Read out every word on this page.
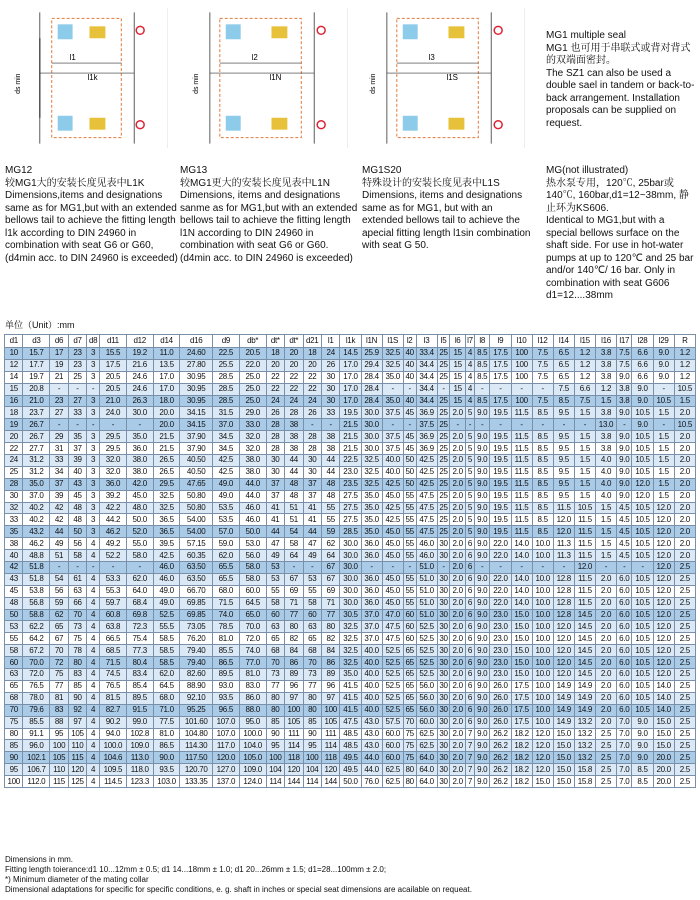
l1
l1k
ds min
l2
l1N
ds min
l3
l1S
ds min
MG1 multiple seal
MG1 也可用于串联式或背对背式的双端面密封。
The SZ1 can also be used a double sael in tandem or back-to-back arrangement. Installation proposals can be supplied on request.
MG12
较MG1大的安装长度见表中L1K
Dimensions,items and designations same as for MG1,but with an extended bellows tail to achieve the fitting length l1k according to DIN 24960 in combination with seat G6 or G60, (d4min acc. to DIN 24960 is exceeded)
MG13
较MG1更大的安装长度见表中L1N
Dimensions, items and designations sanme as for MG1,but with an extended bellows tail to achieve the fitting length l1N according to DIN 24960 in combination with seat G6 or G60. (d4min acc. to DIN 24960 is exceeded)
MG1S20
特殊设计的安装长度见表中L1S
Dimensions, items and designations same as for MG1, but with an extended bellows tail to achieve the apecial fitting length l1sin combination with seat G 50.
MG(not illustrated)
热水泵专用，120℃, 25bar或140℃, 160bar,d1=12~38mm, 静止环为KS606.
Identical to MG1,but with a special bellows surface on the shaft side. For use in hot-water pumps at up to 120℃ and 25 bar and/or 140℃/ 16 bar. Only in combination with seat G606 d1=12....38mm
单位（Unit）:mm
d1	d3	d6	d7	d8	d11	d12	d14	d16	d9	db*	dt*	dt*	d21	l1	l1k	l1N	l1S	l2	l3	l5	l6	l7	l8	l9	l10	l12	l14	l15	l16	l17	l28	l29	R
10	15.7	17	23	3	15.5	19.2	11.0	24.60	22.5	20.5	18	20	18	24	14.5	25.9	32.5	40	33.4	25	15	4	8.5	17.5	100	7.5	6.5	1.2	3.8	7.5	6.6	9.0	1.2
12	17.7	19	23	3	17.5	21.6	13.5	27.80	25.5	22.0	20	20	20	26	17.0	29.4	32.5	40	34.4	25	15	4	8.5	17.5	100	7.5	6.5	1.2	3.8	7.5	6.6	9.0	1.2
14	19.7	21	25	3	20.5	24.6	17.0	30.95	28.5	25.0	22	22	22	30	17.0	28.4	35.0	40	34.4	25	15	4	8.5	17.5	100	7.5	6.5	1.2	3.8	9.0	6.6	9.0	1.2
15	20.8	-	-	-	20.5	24.6	17.0	30.95	28.5	25.0	22	22	22	30	17.0	28.4	-	-	34.4	-	15	4	-	-	-	-	7.5	6.6	1.2	3.8	9.0	-	10.5
16	21.0	23	27	3	21.0	26.3	18.0	30.95	28.5	25.0	24	24	24	30	17.0	28.4	35.0	40	34.4	25	15	4	8.5	17.5	100	7.5	8.5	7.5	1.5	3.8	9.0	10.5	1.5
18	23.7	27	33	3	24.0	30.0	20.0	34.15	31.5	29.0	26	28	26	33	19.5	30.0	37.5	45	36.9	25	2.0	5	9.0	19.5	11.5	8.5	9.5	1.5	3.8	9.0	10.5	1.5	2.0
19	26.7	-	-	-	-	-	20.0	34.15	37.0	33.0	28	38	-	-	21.5	30.0	-	-	37.5	25	-	-	-	-	-	-	-	-	13.0	-	9.0	-	10.5
20	26.7	29	35	3	29.5	35.0	21.5	37.90	34.5	32.0	28	38	28	38	21.5	30.0	37.5	45	36.9	25	2.0	5	9.0	19.5	11.5	8.5	9.5	1.5	3.8	9.0	10.5	1.5	2.0
22	27.7	31	37	3	29.5	36.0	21.5	37.90	34.5	32.0	28	38	28	38	21.5	30.0	37.5	45	36.9	25	2.0	5	9.0	19.5	11.5	8.5	9.5	1.5	3.8	9.0	10.5	1.5	2.0
24	31.2	33	39	3	32.0	38.0	26.5	40.50	42.5	38.0	30	44	30	44	22.5	32.5	40.0	50	42.5	25	2.0	5	9.0	19.5	11.5	8.5	9.5	1.5	4.0	9.0	10.5	1.5	2.0
25	31.2	34	40	3	32.0	38.0	26.5	40.50	42.5	38.0	30	44	30	44	23.0	32.5	40.0	50	42.5	25	2.0	5	9.0	19.5	11.5	8.5	9.5	1.5	4.0	9.0	10.5	1.5	2.0
28	35.0	37	43	3	36.0	42.0	29.5	47.65	49.0	44.0	37	48	37	48	23.5	32.5	42.5	50	42.5	25	2.0	5	9.0	19.5	11.5	8.5	9.5	1.5	4.0	9.0	12.0	1.5	2.0
30	37.0	39	45	3	39.2	45.0	32.5	50.80	49.0	44.0	37	48	37	48	27.5	35.0	45.0	55	47.5	25	2.0	5	9.0	19.5	11.5	8.5	9.5	1.5	4.0	9.0	12.0	1.5	2.0
32	40.2	42	48	3	42.2	48.0	32.5	50.80	53.5	46.0	41	51	41	55	27.5	35.0	42.5	55	47.5	25	2.0	5	9.0	19.5	11.5	8.5	11.5	10.5	1.5	4.5	10.5	12.0	2.0
33	40.2	42	48	3	44.2	50.0	36.5	54.00	53.5	46.0	41	51	41	55	27.5	35.0	42.5	55	47.5	25	2.0	5	9.0	19.5	11.5	8.5	12.0	11.5	1.5	4.5	10.5	12.0	2.0
35	43.2	44	50	3	46.2	52.0	36.5	54.00	57.0	50.0	44	54	44	59	28.5	35.0	45.0	55	47.5	25	2.0	5	9.0	19.5	11.5	8.5	12.0	11.5	1.5	4.5	10.5	12.0	2.0
38	46.2	49	56	4	49.2	55.0	39.5	57.15	59.0	53.0	47	58	47	62	30.0	36.0	45.0	55	46.0	30	2.0	6	9.0	22.0	14.0	10.0	11.3	11.5	1.5	4.5	10.5	12.0	2.0
40	48.8	51	58	4	52.2	58.0	42.5	60.35	62.0	56.0	49	64	49	64	30.0	36.0	45.0	55	46.0	30	2.0	6	9.0	22.0	14.0	10.0	11.3	11.5	1.5	4.5	10.5	12.0	2.0
42	51.8	-	-	-	-	-	46.0	63.50	65.5	58.0	53	-	-	67	30.0	-	-	-	51.0	-	2.0	6	-	-	-	-	-	12.0	-	-	-	12.0	2.5
43	51.8	54	61	4	53.3	62.0	46.0	63.50	65.5	58.0	53	67	53	67	30.0	36.0	45.0	55	51.0	30	2.0	6	9.0	22.0	14.0	10.0	12.8	11.5	2.0	6.0	10.5	12.0	2.5
45	53.8	56	63	4	55.3	64.0	49.0	66.70	68.0	60.0	55	69	55	69	30.0	36.0	45.0	55	51.0	30	2.0	6	9.0	22.0	14.0	10.0	12.8	11.5	2.0	6.0	10.5	12.0	2.5
48	56.8	59	66	4	59.7	68.4	49.0	69.85	71.5	64.5	58	71	58	71	30.0	36.0	45.0	55	51.0	30	2.0	6	9.0	22.0	14.0	10.0	12.8	11.5	2.0	6.0	10.5	12.0	2.5
50	58.8	62	70	4	60.8	69.8	52.5	69.85	74.0	65.0	60	77	60	77	30.5	37.0	47.0	60	51.0	30	2.0	6	9.0	23.0	15.0	10.0	12.8	14.5	2.0	6.0	10.5	12.0	2.5
53	62.2	65	73	4	63.8	72.3	55.5	73.05	78.5	70.0	63	80	63	80	32.5	37.0	47.5	60	52.5	30	2.0	6	9.0	23.0	15.0	10.0	12.0	14.5	2.0	6.0	10.5	12.0	2.5
55	64.2	67	75	4	66.5	75.4	58.5	76.20	81.0	72.0	65	82	65	82	32.5	37.0	47.5	60	52.5	30	2.0	6	9.0	23.0	15.0	10.0	12.0	14.5	2.0	6.0	10.5	12.0	2.5
58	67.2	70	78	4	68.5	77.3	58.5	79.40	85.5	74.0	68	84	68	84	32.5	40.0	52.5	65	52.5	30	2.0	6	9.0	23.0	15.0	10.0	12.0	14.5	2.0	6.0	10.5	12.0	2.5
60	70.0	72	80	4	71.5	80.4	58.5	79.40	86.5	77.0	70	86	70	86	32.5	40.0	52.5	65	52.5	30	2.0	6	9.0	23.0	15.0	10.0	12.0	14.5	2.0	6.0	10.5	12.0	2.5
63	72.0	75	83	4	74.5	83.4	62.0	82.60	89.5	81.0	73	89	73	89	35.0	40.0	52.5	65	52.5	30	2.0	6	9.0	23.0	15.0	10.0	12.0	14.5	2.0	6.0	10.5	12.0	2.5
65	76.5	77	85	4	76.5	85.4	64.5	88.90	93.0	83.0	77	96	77	96	41.5	40.0	52.5	65	56.0	30	2.0	6	9.0	26.0	17.5	10.0	14.9	14.9	2.0	6.0	10.5	14.0	2.5
68	78.0	81	90	4	81.5	89.5	68.0	92.10	93.5	86.0	80	97	80	97	41.5	40.0	52.5	65	56.0	30	2.0	6	9.0	26.0	17.5	10.0	14.9	14.9	2.0	6.0	10.5	14.0	2.5
70	79.6	83	92	4	82.7	91.5	71.0	95.25	96.5	88.0	80	100	80	100	41.5	40.0	52.5	65	56.0	30	2.0	6	9.0	26.0	17.5	10.0	14.9	14.9	2.0	6.0	10.5	14.0	2.5
75	85.5	88	97	4	90.2	99.0	77.5	101.60	107.0	95.0	85	105	85	105	47.5	43.0	57.5	70	60.0	30	2.0	6	9.0	26.0	17.5	10.0	14.9	13.2	2.0	7.0	9.0	15.0	2.5
80	91.1	95	105	4	94.0	102.8	81.0	104.80	107.0	100.0	90	111	90	111	48.5	43.0	60.0	75	62.5	30	2.0	7	9.0	26.2	18.2	12.0	15.0	13.2	2.5	7.0	9.0	15.0	2.5
85	96.0	100	110	4	100.0	109.0	86.5	114.30	117.0	104.0	95	114	95	114	48.5	43.0	60.0	75	62.5	30	2.0	7	9.0	26.2	18.2	12.0	15.0	13.2	2.5	7.0	9.0	15.0	2.5
90	102.1	105	115	4	104.6	113.0	90.0	117.50	120.0	105.0	100	118	100	118	49.5	44.0	60.0	75	64.0	30	2.0	7	9.0	26.2	18.2	12.0	15.0	13.2	2.5	7.0	9.0	20.0	2.5
95	106.7	110	120	4	109.5	118.0	93.5	120.70	127.0	109.0	104	120	104	120	49.5	44.0	62.5	80	64.0	30	2.0	7	9.0	26.2	18.2	12.0	15.0	15.8	2.5	7.0	8.5	20.0	2.5
100	112.0	115	125	4	114.5	123.3	103.0	133.35	137.0	124.0	114	144	114	144	50.0	76.0	62.5	80	64.0	30	2.0	7	9.0	26.2	18.2	15.0	15.0	15.8	2.5	7.0	8.5	20.0	2.5
Dimensions in mm.
Fitting length toierance:d1 10...12mm ± 0.5; d1 14...18mm ± 1.0; d1 20...26mm ± 1.5; d1=28...100mm ± 2.0;
*) Minimum diameter of the mating collar
Dimensional adaptations for specific for specific conditions, e. g. shaft in inches or special seat dimensions are acailable on requeat.
